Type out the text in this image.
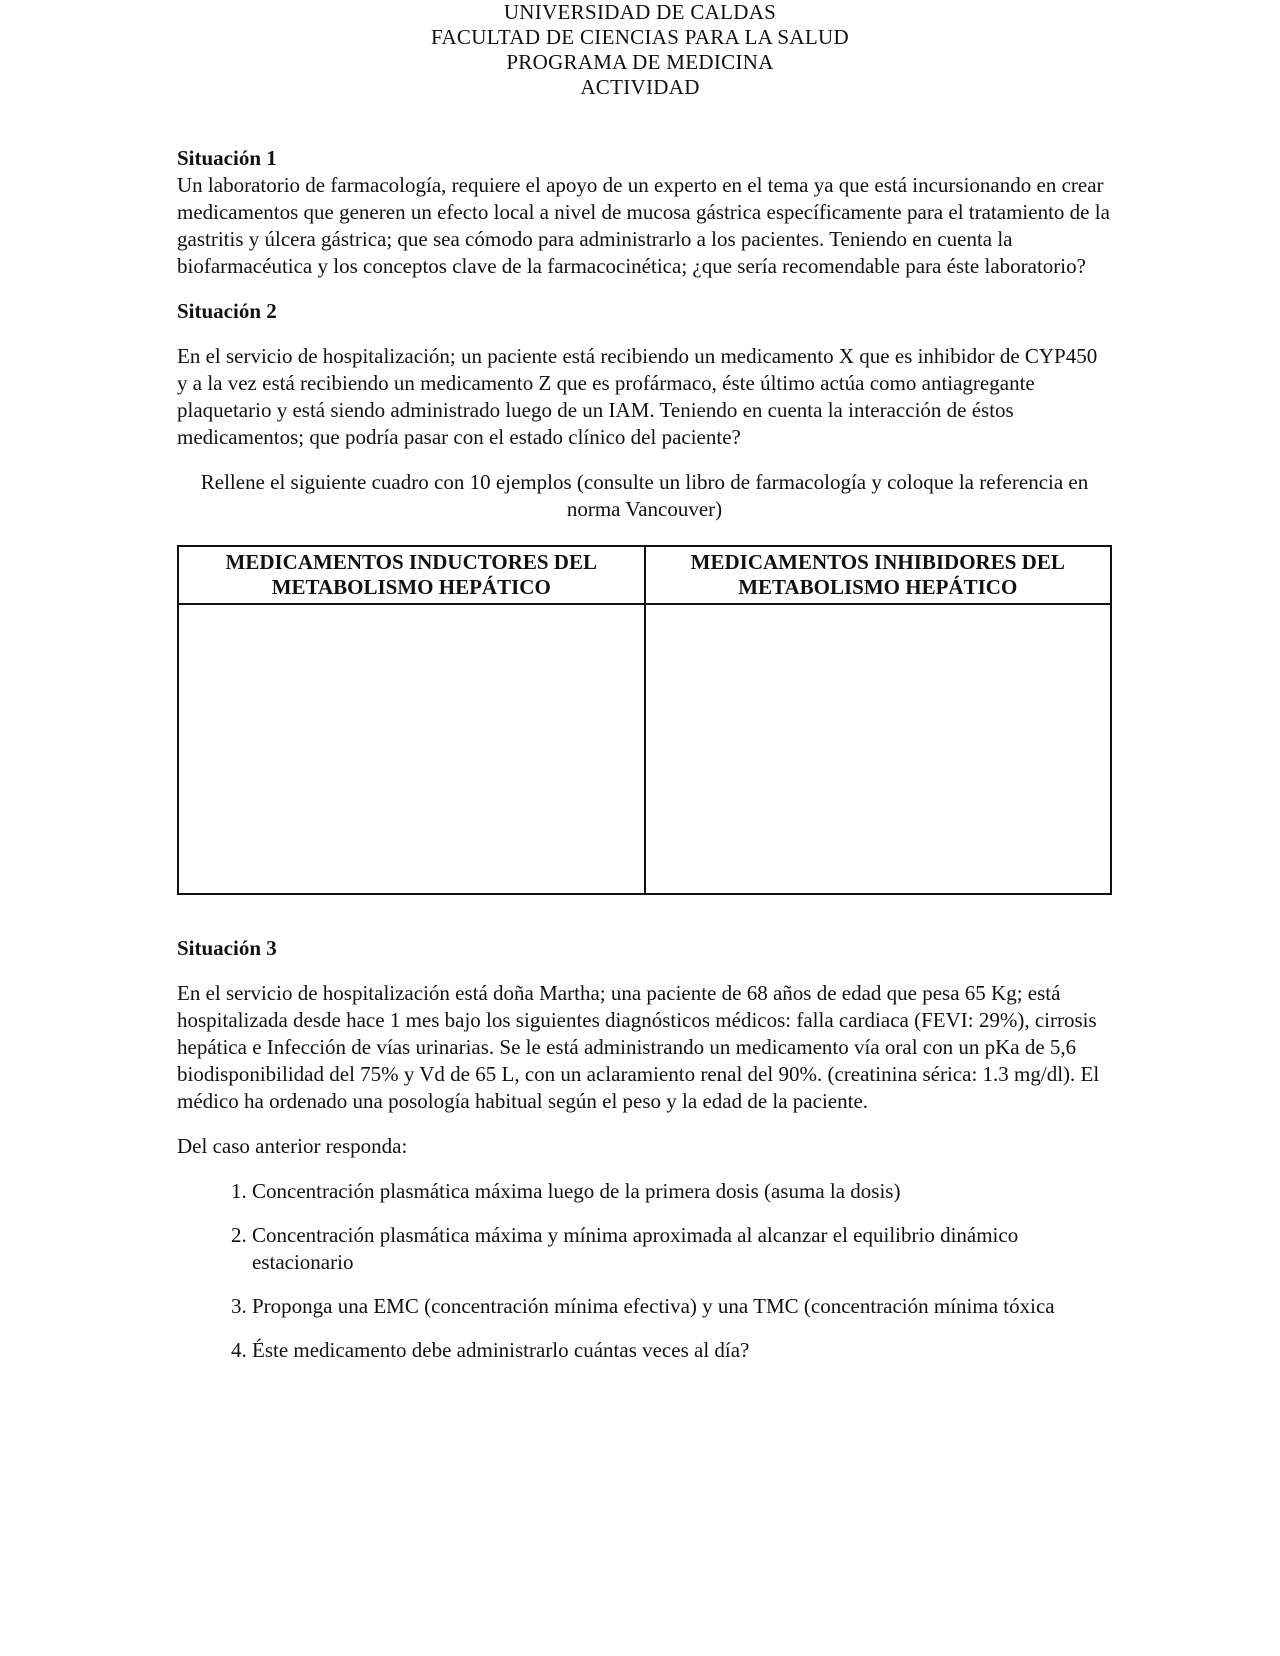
UNIVERSIDAD DE CALDAS
FACULTAD DE CIENCIAS PARA LA SALUD
PROGRAMA DE MEDICINA
ACTIVIDAD

Situación 1

Un laboratorio de farmacología, requiere el apoyo de un experto en el tema ya que está incursionando en crear medicamentos que generen un efecto local a nivel de mucosa gástrica específicamente para el tratamiento de la gastritis y úlcera gástrica; que sea cómodo para administrarlo a los pacientes. Teniendo en cuenta la biofarmacéutica y los conceptos clave de la farmacocinética; ¿que sería recomendable para éste laboratorio?

Situación 2

En el servicio de hospitalización; un paciente está recibiendo un medicamento X que es inhibidor de CYP450 y a la vez está recibiendo un medicamento Z que es profármaco, éste último actúa como antiagregante plaquetario y está siendo administrado luego de un IAM. Teniendo en cuenta la interacción de éstos medicamentos; que podría pasar con el estado clínico del paciente?

Rellene el siguiente cuadro con 10 ejemplos (consulte un libro de farmacología y coloque la referencia en norma Vancouver)

MEDICAMENTOS INDUCTORES DEL METABOLISMO HEPÁTICO	MEDICAMENTOS INHIBIDORES DEL METABOLISMO HEPÁTICO

Situación 3

En el servicio de hospitalización está doña Martha; una paciente de 68 años de edad que pesa 65 Kg; está hospitalizada desde hace 1 mes bajo los siguientes diagnósticos médicos: falla cardiaca (FEVI: 29%), cirrosis hepática e Infección de vías urinarias. Se le está administrando un medicamento vía oral con un pKa de 5,6 biodisponibilidad del 75% y Vd de 65 L, con un aclaramiento renal del 90%. (creatinina sérica: 1.3 mg/dl). El médico ha ordenado una posología habitual según el peso y la edad de la paciente.

Del caso anterior responda:

1. Concentración plasmática máxima luego de la primera dosis (asuma la dosis)
2. Concentración plasmática máxima y mínima aproximada al alcanzar el equilibrio dinámico estacionario
3. Proponga una EMC (concentración mínima efectiva) y una TMC (concentración mínima tóxica
4. Éste medicamento debe administrarlo cuántas veces al día?
